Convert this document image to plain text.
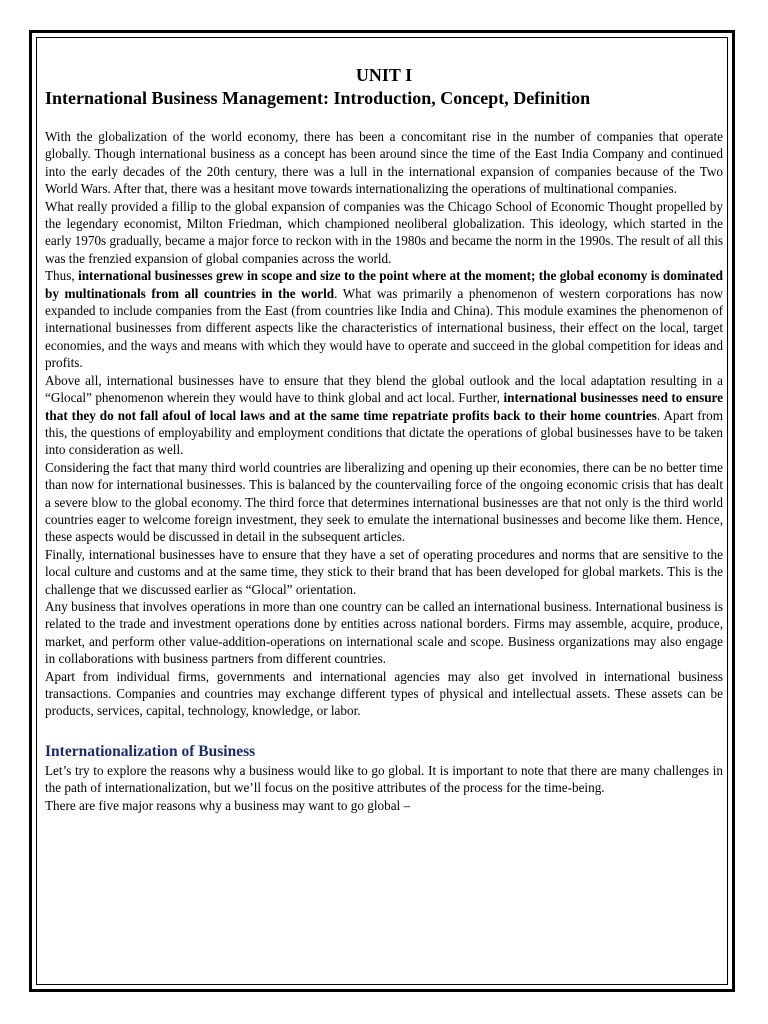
UNIT I
International Business Management: Introduction, Concept, Definition

With the globalization of the world economy, there has been a concomitant rise in the number of companies that operate globally. Though international business as a concept has been around since the time of the East India Company and continued into the early decades of the 20th century, there was a lull in the international expansion of companies because of the Two World Wars. After that, there was a hesitant move towards internationalizing the operations of multinational companies.

What really provided a fillip to the global expansion of companies was the Chicago School of Economic Thought propelled by the legendary economist, Milton Friedman, which championed neoliberal globalization. This ideology, which started in the early 1970s gradually, became a major force to reckon with in the 1980s and became the norm in the 1990s. The result of all this was the frenzied expansion of global companies across the world.

Thus, international businesses grew in scope and size to the point where at the moment; the global economy is dominated by multinationals from all countries in the world. What was primarily a phenomenon of western corporations has now expanded to include companies from the East (from countries like India and China). This module examines the phenomenon of international businesses from different aspects like the characteristics of international business, their effect on the local, target economies, and the ways and means with which they would have to operate and succeed in the global competition for ideas and profits.

Above all, international businesses have to ensure that they blend the global outlook and the local adaptation resulting in a “Glocal” phenomenon wherein they would have to think global and act local. Further, international businesses need to ensure that they do not fall afoul of local laws and at the same time repatriate profits back to their home countries. Apart from this, the questions of employability and employment conditions that dictate the operations of global businesses have to be taken into consideration as well.

Considering the fact that many third world countries are liberalizing and opening up their economies, there can be no better time than now for international businesses. This is balanced by the countervailing force of the ongoing economic crisis that has dealt a severe blow to the global economy. The third force that determines international businesses are that not only is the third world countries eager to welcome foreign investment, they seek to emulate the international businesses and become like them. Hence, these aspects would be discussed in detail in the subsequent articles.

Finally, international businesses have to ensure that they have a set of operating procedures and norms that are sensitive to the local culture and customs and at the same time, they stick to their brand that has been developed for global markets. This is the challenge that we discussed earlier as “Glocal” orientation.

Any business that involves operations in more than one country can be called an international business. International business is related to the trade and investment operations done by entities across national borders. Firms may assemble, acquire, produce, market, and perform other value-addition-operations on international scale and scope. Business organizations may also engage in collaborations with business partners from different countries.

Apart from individual firms, governments and international agencies may also get involved in international business transactions. Companies and countries may exchange different types of physical and intellectual assets. These assets can be products, services, capital, technology, knowledge, or labor.

Internationalization of Business

Let’s try to explore the reasons why a business would like to go global. It is important to note that there are many challenges in the path of internationalization, but we’ll focus on the positive attributes of the process for the time-being.

There are five major reasons why a business may want to go global –
